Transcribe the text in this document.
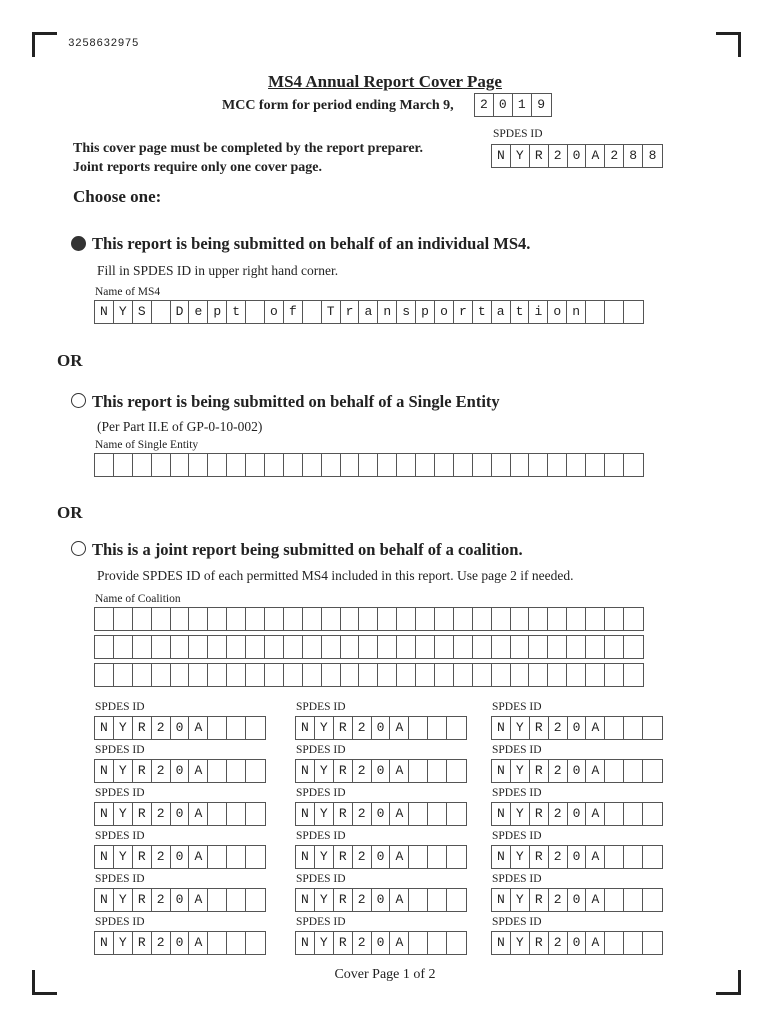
3258632975
MS4 Annual Report Cover Page
MCC form for period ending March 9,	2 0 1 9
SPDES ID
N Y R 2 0 A 2 8 8
This cover page must be completed by the report preparer.
Joint reports require only one cover page.
Choose one:
This report is being submitted on behalf of an individual MS4.
Fill in SPDES ID in upper right hand corner.
Name of MS4
N Y S	D e p t	o f	T r a n s p o r t a t i o n
OR
This report is being submitted on behalf of a Single Entity
(Per Part II.E of GP-0-10-002)
Name of Single Entity
OR
This is a joint report being submitted on behalf of a coalition.
Provide SPDES ID of each permitted MS4 included in this report. Use page 2 if needed.
Name of Coalition
SPDES ID
N Y R 2 0 A
SPDES ID
N Y R 2 0 A
SPDES ID
N Y R 2 0 A
SPDES ID
N Y R 2 0 A
SPDES ID
N Y R 2 0 A
SPDES ID
N Y R 2 0 A
SPDES ID
N Y R 2 0 A
SPDES ID
N Y R 2 0 A
SPDES ID
N Y R 2 0 A
SPDES ID
N Y R 2 0 A
SPDES ID
N Y R 2 0 A
SPDES ID
N Y R 2 0 A
SPDES ID
N Y R 2 0 A
SPDES ID
N Y R 2 0 A
SPDES ID
N Y R 2 0 A
SPDES ID
N Y R 2 0 A
SPDES ID
N Y R 2 0 A
SPDES ID
N Y R 2 0 A
Cover Page 1 of 2
